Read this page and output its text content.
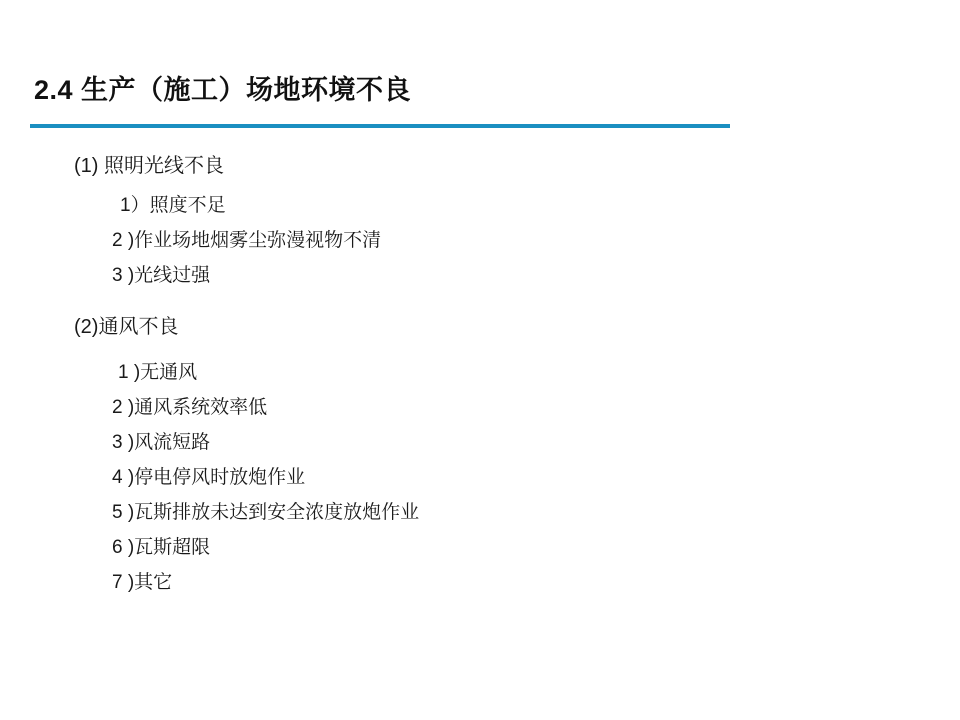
2.4 生产（施工）场地环境不良
(1) 照明光线不良
1）照度不足
2 )作业场地烟雾尘弥漫视物不清
3 )光线过强
(2)通风不良
1 )无通风
2 )通风系统效率低
3 )风流短路
4 )停电停风时放炮作业
5 )瓦斯排放未达到安全浓度放炮作业
6 )瓦斯超限
7 )其它
